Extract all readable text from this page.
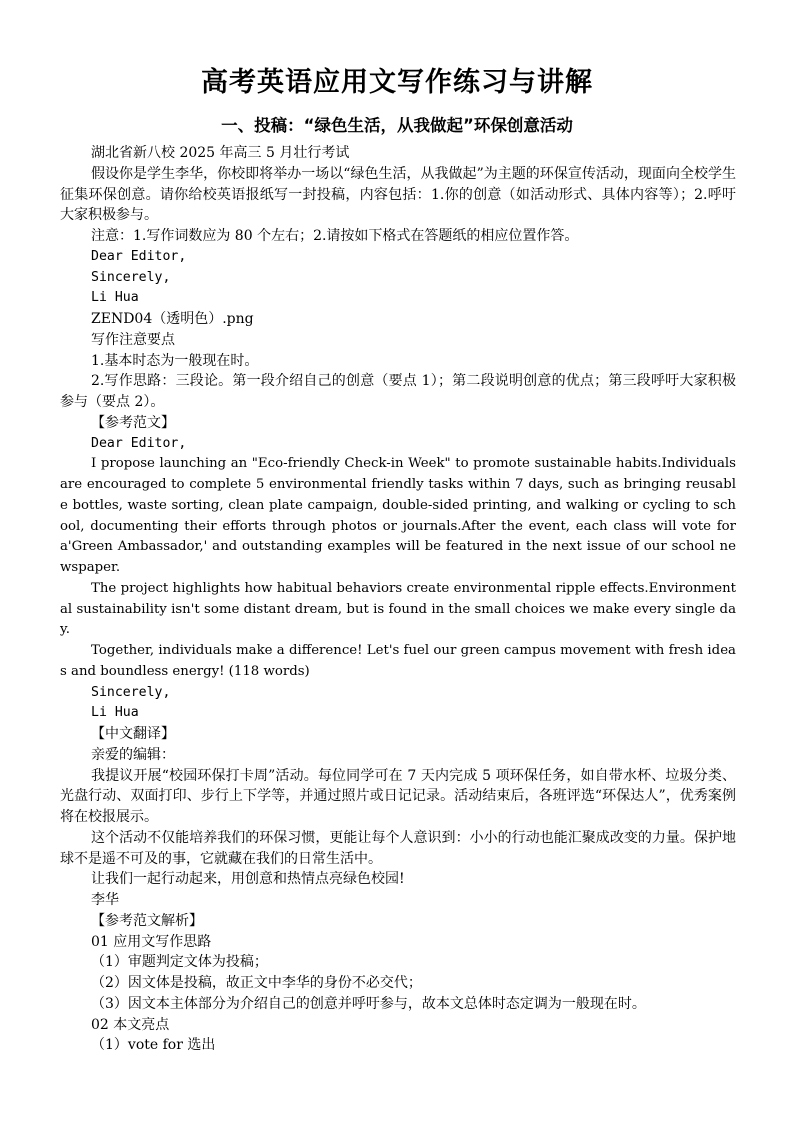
高考英语应用文写作练习与讲解
一、投稿：“绿色生活，从我做起”环保创意活动

湖北省新八校 2025 年高三 5 月壮行考试

假设你是学生李华，你校即将举办一场以“绿色生活，从我做起”为主题的环保宣传活动，现面向全校学生征集环保创意。请你给校英语报纸写一封投稿，内容包括：1.你的创意（如活动形式、具体内容等）；2.呼吁大家积极参与。

注意：1.写作词数应为 80 个左右；2.请按如下格式在答题纸的相应位置作答。

Dear Editor,

Sincerely,

Li Hua

ZEND04（透明色）.png

写作注意要点

1.基本时态为一般现在时。

2.写作思路：三段论。第一段介绍自己的创意（要点 1）；第二段说明创意的优点；第三段呼吁大家积极参与（要点 2）。

【参考范文】

Dear Editor,

I propose launching an "Eco-friendly Check-in Week" to promote sustainable habits.Individuals are encouraged to complete 5 environmental friendly tasks within 7 days, such as bringing reusable bottles, waste sorting, clean plate campaign, double-sided printing, and walking or cycling to school, documenting their efforts through photos or journals.After the event, each class will vote for a'Green Ambassador,' and outstanding examples will be featured in the next issue of our school newspaper.

The project highlights how habitual behaviors create environmental ripple effects.Environmental sustainability isn't some distant dream, but is found in the small choices we make every single day.

Together, individuals make a difference! Let's fuel our green campus movement with fresh ideas and boundless energy! (118 words)

Sincerely,

Li Hua

【中文翻译】

亲爱的编辑：

我提议开展“校园环保打卡周”活动。每位同学可在 7 天内完成 5 项环保任务，如自带水杯、垃圾分类、光盘行动、双面打印、步行上下学等，并通过照片或日记记录。活动结束后，各班评选“环保达人”，优秀案例将在校报展示。

这个活动不仅能培养我们的环保习惯，更能让每个人意识到：小小的行动也能汇聚成改变的力量。保护地球不是遥不可及的事，它就藏在我们的日常生活中。

让我们一起行动起来，用创意和热情点亮绿色校园!

李华

【参考范文解析】

01 应用文写作思路

（1）审题判定文体为投稿；

（2）因文体是投稿，故正文中李华的身份不必交代；

（3）因文本主体部分为介绍自己的创意并呼吁参与，故本文总体时态定调为一般现在时。

02 本文亮点

（1）vote for 选出
